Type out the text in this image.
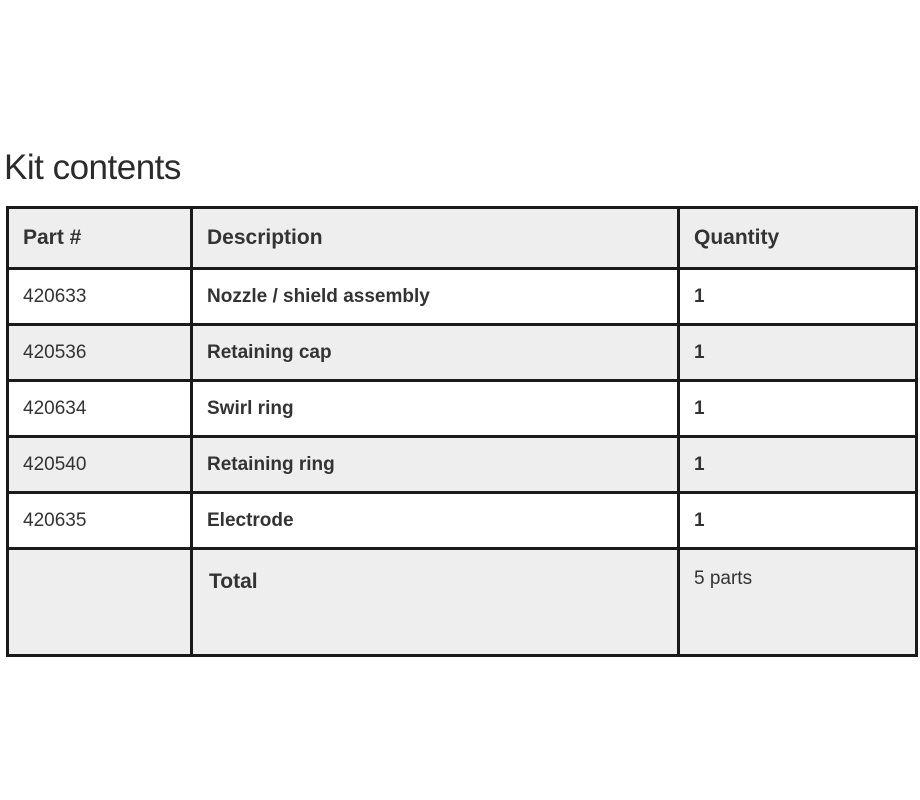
Kit contents
Part #	Description	Quantity
420633	Nozzle / shield assembly	1
420536	Retaining cap	1
420634	Swirl ring	1
420540	Retaining ring	1
420635	Electrode	1
	Total	5 parts
